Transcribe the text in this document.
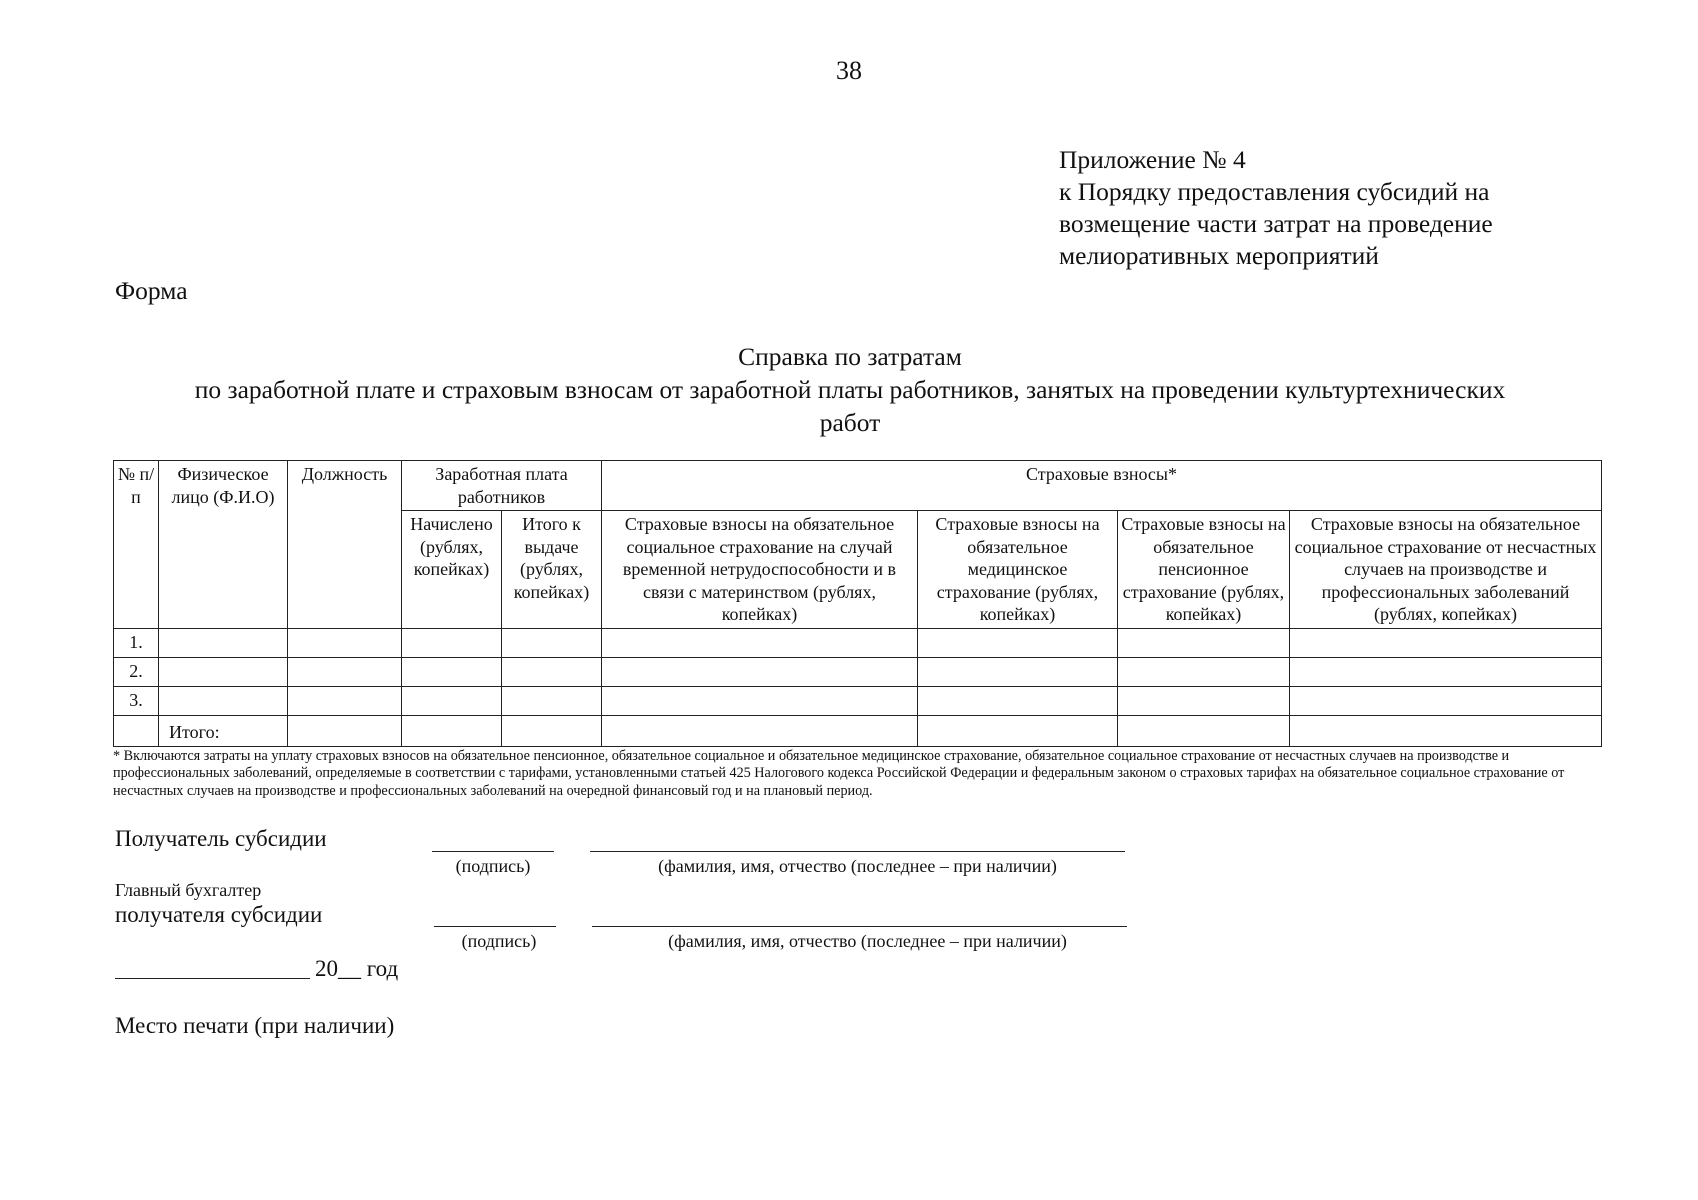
38
Приложение № 4
к Порядку предоставления субсидий на
возмещение части затрат на проведение
мелиоративных мероприятий
Форма
Справка по затратам
по заработной плате и страховым взносам от заработной платы работников, занятых на проведении культуртехнических
работ
№ п/п	Физическое лицо (Ф.И.О)	Должность	Заработная плата работников		Страховые взносы*			
			Начислено (рублях, копейках)	Итого к выдаче (рублях, копейках)	Страховые взносы на обязательное социальное страхование на случай временной нетрудоспособности и в связи с материнством (рублях, копейках)	Страховые взносы на обязательное медицинское страхование (рублях, копейках)	Страховые взносы на обязательное пенсионное страхование (рублях, копейках)	Страховые взносы на обязательное социальное страхование от несчастных случаев на производстве и профессиональных заболеваний (рублях, копейках)
1.								
2.								
3.								
	Итого:							
* Включаются затраты на уплату страховых взносов на обязательное пенсионное, обязательное социальное и обязательное медицинское страхование, обязательное социальное страхование от несчастных случаев на производстве и профессиональных заболеваний, определяемые в соответствии с тарифами, установленными статьей 425 Налогового кодекса Российской Федерации и федеральным законом о страховых тарифах на обязательное социальное страхование от несчастных случаев на производстве и профессиональных заболеваний на очередной финансовый год и на плановый период.
Получатель субсидии
(подпись)	(фамилия, имя, отчество (последнее – при наличии)
Главный бухгалтер
получателя субсидии
(подпись)	(фамилия, имя, отчество (последнее – при наличии)
20__ год
Место печати (при наличии)
